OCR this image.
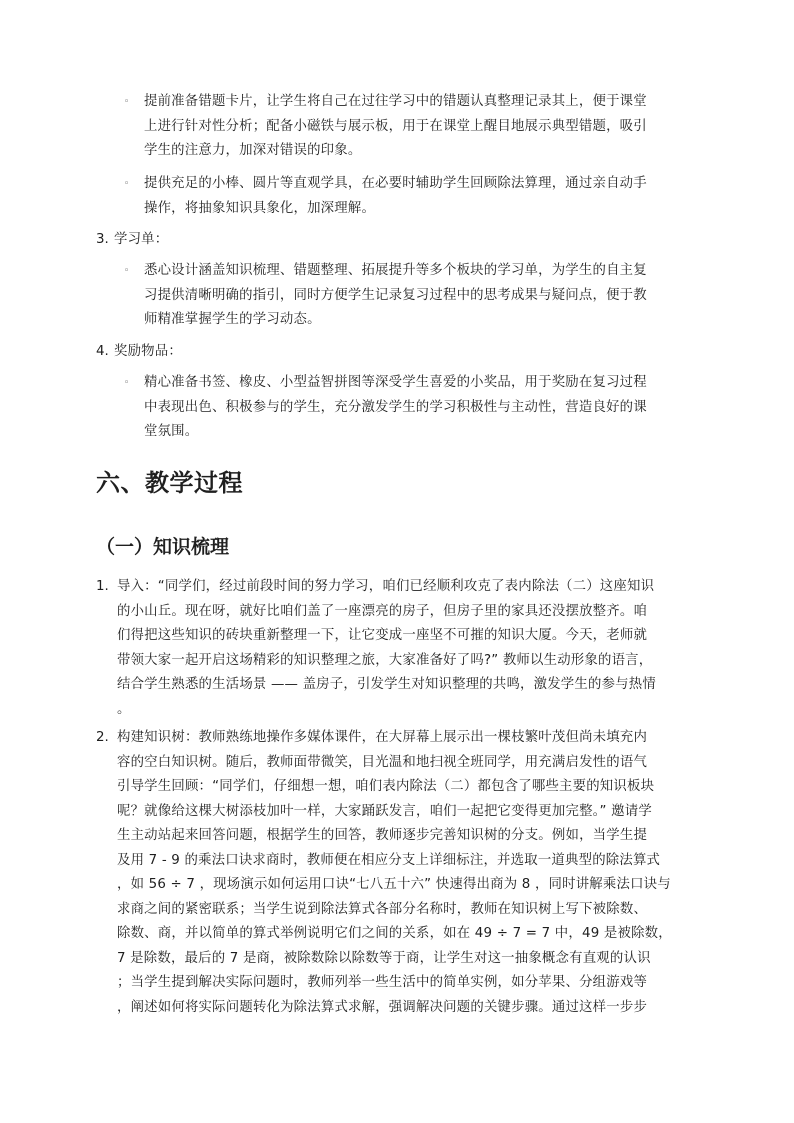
◦ 提前准备错题卡片，让学生将自己在过往学习中的错题认真整理记录其上，便于课堂
上进行针对性分析；配备小磁铁与展示板，用于在课堂上醒目地展示典型错题，吸引
学生的注意力，加深对错误的印象。
◦ 提供充足的小棒、圆片等直观学具，在必要时辅助学生回顾除法算理，通过亲自动手
操作，将抽象知识具象化，加深理解。
3. 学习单：
◦ 悉心设计涵盖知识梳理、错题整理、拓展提升等多个板块的学习单，为学生的自主复
习提供清晰明确的指引，同时方便学生记录复习过程中的思考成果与疑问点，便于教
师精准掌握学生的学习动态。
4. 奖励物品：
◦ 精心准备书签、橡皮、小型益智拼图等深受学生喜爱的小奖品，用于奖励在复习过程
中表现出色、积极参与的学生，充分激发学生的学习积极性与主动性，营造良好的课
堂氛围。
六、教学过程
（一）知识梳理
1. 导入：“同学们，经过前段时间的努力学习，咱们已经顺利攻克了表内除法（二）这座知识
的小山丘。现在呀，就好比咱们盖了一座漂亮的房子，但房子里的家具还没摆放整齐。咱
们得把这些知识的砖块重新整理一下，让它变成一座坚不可摧的知识大厦。今天，老师就
带领大家一起开启这场精彩的知识整理之旅，大家准备好了吗?” 教师以生动形象的语言，
结合学生熟悉的生活场景 —— 盖房子，引发学生对知识整理的共鸣，激发学生的参与热情
。
2. 构建知识树：教师熟练地操作多媒体课件，在大屏幕上展示出一棵枝繁叶茂但尚未填充内
容的空白知识树。随后，教师面带微笑，目光温和地扫视全班同学，用充满启发性的语气
引导学生回顾：“同学们，仔细想一想，咱们表内除法（二）都包含了哪些主要的知识板块
呢？就像给这棵大树添枝加叶一样，大家踊跃发言，咱们一起把它变得更加完整。” 邀请学
生主动站起来回答问题，根据学生的回答，教师逐步完善知识树的分支。例如，当学生提
及用 7 - 9 的乘法口诀求商时，教师便在相应分支上详细标注，并选取一道典型的除法算式
，如 56 ÷ 7 ，现场演示如何运用口诀“七八五十六” 快速得出商为 8 ，同时讲解乘法口诀与
求商之间的紧密联系；当学生说到除法算式各部分名称时，教师在知识树上写下被除数、
除数、商，并以简单的算式举例说明它们之间的关系，如在 49 ÷ 7 = 7 中，49 是被除数，
7 是除数，最后的 7 是商，被除数除以除数等于商，让学生对这一抽象概念有直观的认识
；当学生提到解决实际问题时，教师列举一些生活中的简单实例，如分苹果、分组游戏等
，阐述如何将实际问题转化为除法算式求解，强调解决问题的关键步骤。通过这样一步步
